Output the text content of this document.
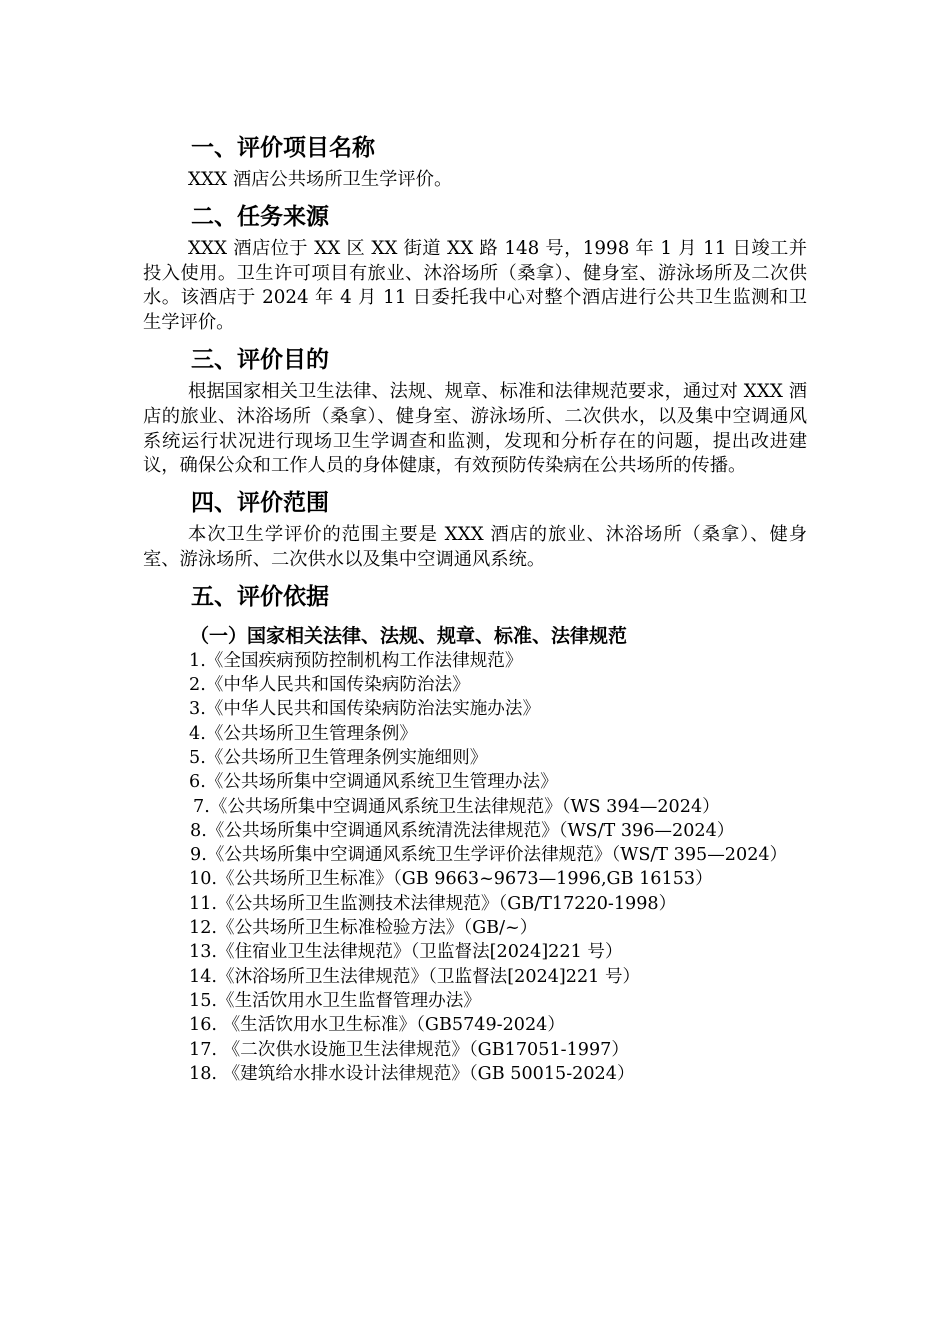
一、评价项目名称

XXX 酒店公共场所卫生学评价。

二、任务来源

XXX 酒店位于 XX 区 XX 街道 XX 路 148 号，1998 年 1 月 11 日竣工并投入使用。卫生许可项目有旅业、沐浴场所（桑拿）、健身室、游泳场所及二次供水。该酒店于 2024 年 4 月 11 日委托我中心对整个酒店进行公共卫生监测和卫生学评价。

三、评价目的

根据国家相关卫生法律、法规、规章、标准和法律规范要求，通过对 XXX 酒店的旅业、沐浴场所（桑拿）、健身室、游泳场所、二次供水，以及集中空调通风系统运行状况进行现场卫生学调查和监测，发现和分析存在的问题，提出改进建议，确保公众和工作人员的身体健康，有效预防传染病在公共场所的传播。

四、评价范围

本次卫生学评价的范围主要是 XXX 酒店的旅业、沐浴场所（桑拿）、健身室、游泳场所、二次供水以及集中空调通风系统。

五、评价依据
（一）国家相关法律、法规、规章、标准、法律规范
1.《全国疾病预防控制机构工作法律规范》
2.《中华人民共和国传染病防治法》
3.《中华人民共和国传染病防治法实施办法》
4.《公共场所卫生管理条例》
5.《公共场所卫生管理条例实施细则》
6.《公共场所集中空调通风系统卫生管理办法》
7.《公共场所集中空调通风系统卫生法律规范》（WS 394—2024）
8.《公共场所集中空调通风系统清洗法律规范》（WS/T 396—2024）
9.《公共场所集中空调通风系统卫生学评价法律规范》（WS/T 395—2024）
10.《公共场所卫生标准》（GB 9663~9673—1996,GB 16153）
11.《公共场所卫生监测技术法律规范》（GB/T17220-1998）
12.《公共场所卫生标准检验方法》（GB/~）
13.《住宿业卫生法律规范》（卫监督法[2024]221 号）
14.《沐浴场所卫生法律规范》（卫监督法[2024]221 号）
15.《生活饮用水卫生监督管理办法》
16. 《生活饮用水卫生标准》（GB5749-2024）
17. 《二次供水设施卫生法律规范》（GB17051-1997）
18. 《建筑给水排水设计法律规范》（GB 50015-2024）
